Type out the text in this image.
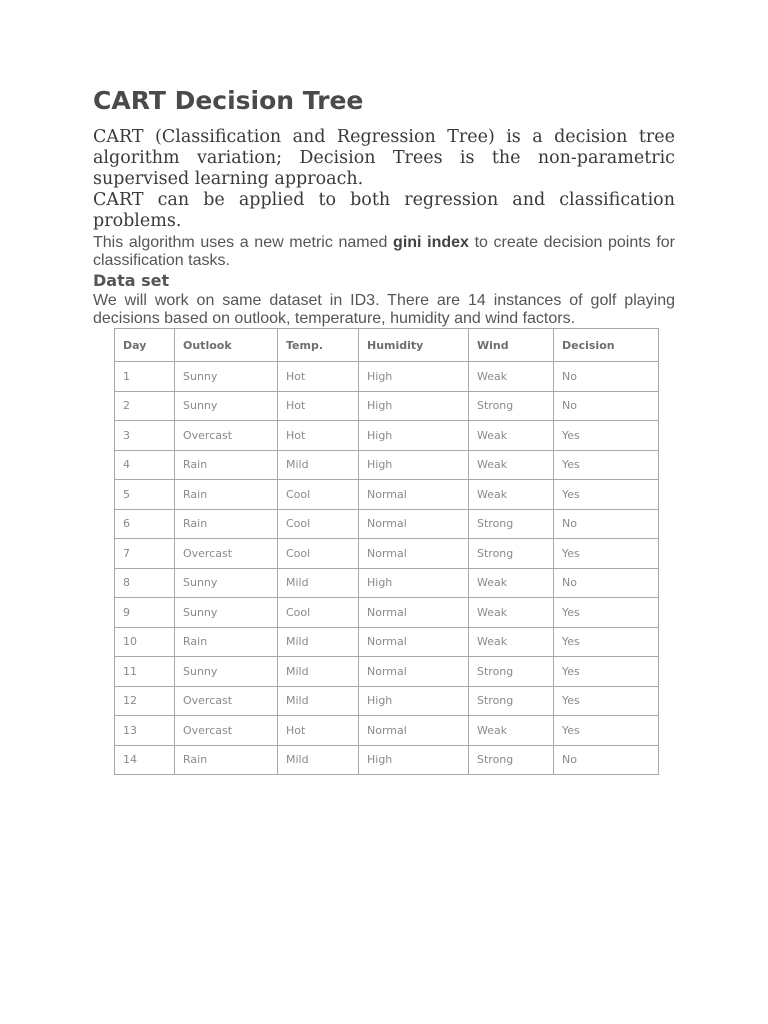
CART Decision Tree

CART (Classification and Regression Tree) is a decision tree algorithm variation; Decision Trees is the non-parametric supervised learning approach.

CART can be applied to both regression and classification problems.

This algorithm uses a new metric named gini index to create decision points for classification tasks.

Data set

We will work on same dataset in ID3. There are 14 instances of golf playing decisions based on outlook, temperature, humidity and wind factors.

Day	Outlook	Temp.	Humidity	Wind	Decision
1	Sunny	Hot	High	Weak	No
2	Sunny	Hot	High	Strong	No
3	Overcast	Hot	High	Weak	Yes
4	Rain	Mild	High	Weak	Yes
5	Rain	Cool	Normal	Weak	Yes
6	Rain	Cool	Normal	Strong	No
7	Overcast	Cool	Normal	Strong	Yes
8	Sunny	Mild	High	Weak	No
9	Sunny	Cool	Normal	Weak	Yes
10	Rain	Mild	Normal	Weak	Yes
11	Sunny	Mild	Normal	Strong	Yes
12	Overcast	Mild	High	Strong	Yes
13	Overcast	Hot	Normal	Weak	Yes
14	Rain	Mild	High	Strong	No
